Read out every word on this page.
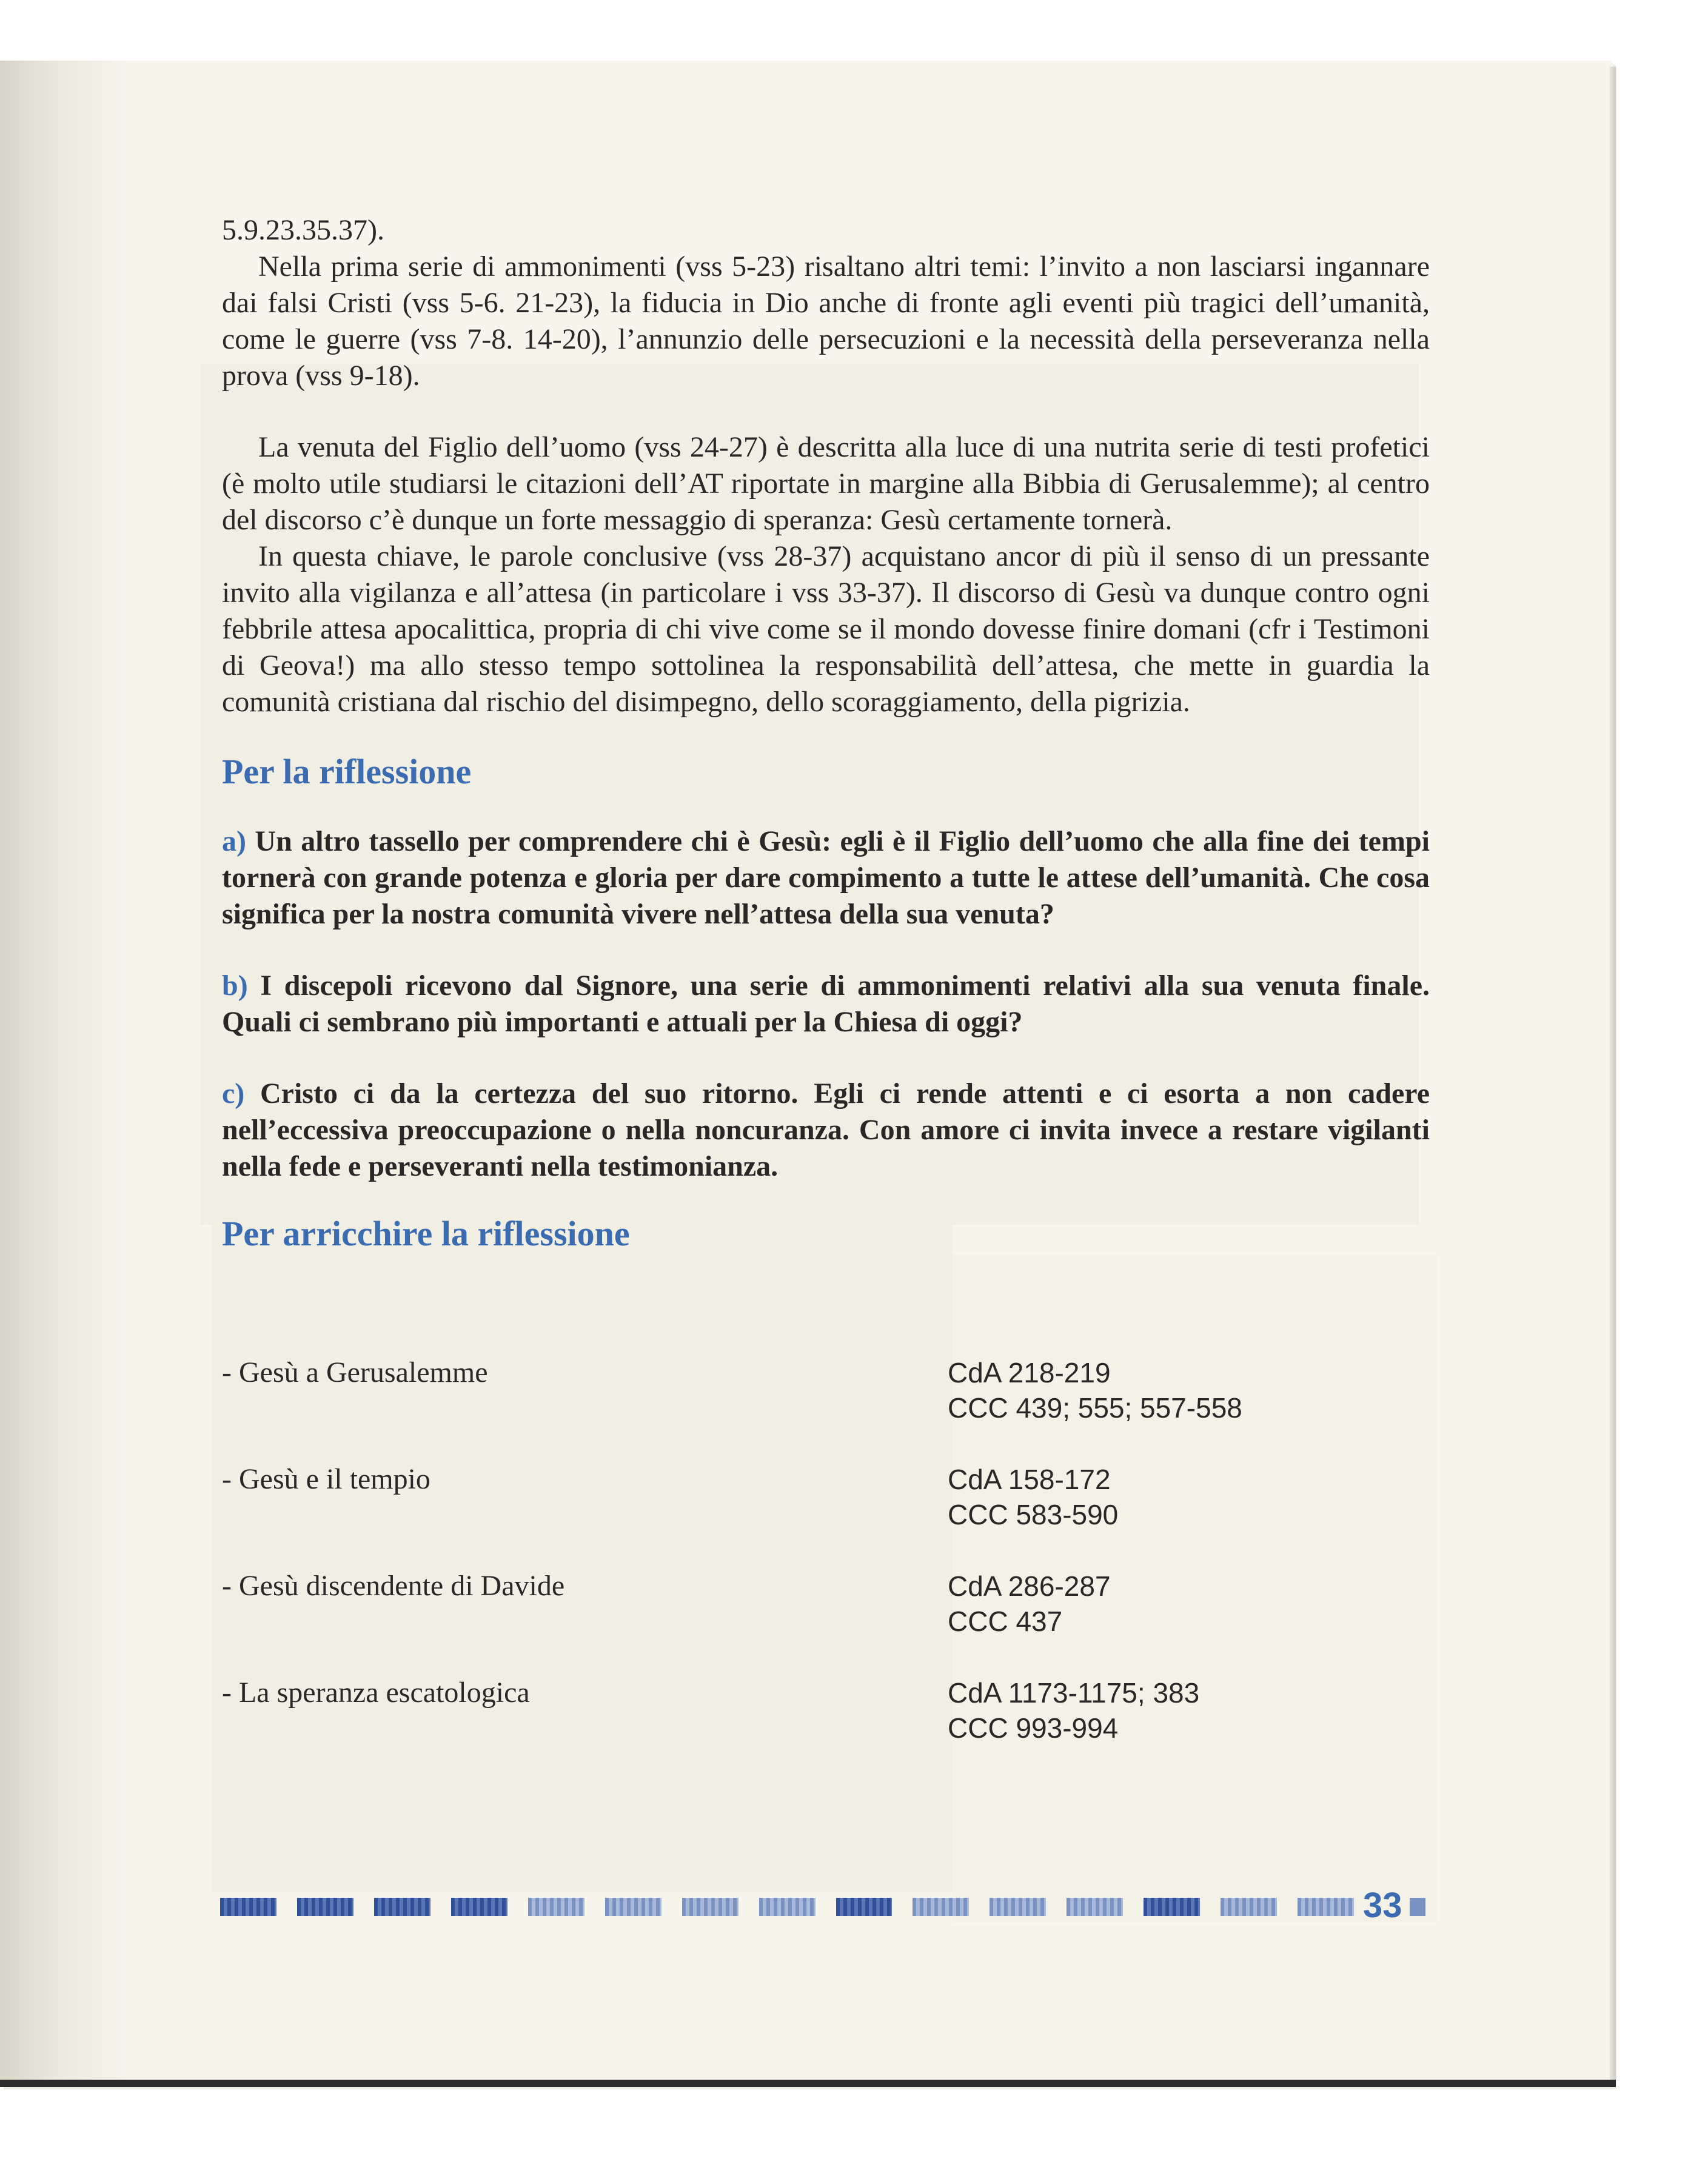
5.9.23.35.37).

Nella prima serie di ammonimenti (vss 5-23) risaltano altri temi: l’invito a non lasciarsi ingannare dai falsi Cristi (vss 5-6. 21-23), la fiducia in Dio anche di fronte agli eventi più tragici dell’umanità, come le guerre (vss 7-8. 14-20), l’annunzio delle persecuzioni e la necessità della perseveranza nella prova (vss 9-18).

La venuta del Figlio dell’uomo (vss 24-27) è descritta alla luce di una nutrita serie di testi profetici (è molto utile studiarsi le citazioni dell’AT riportate in margine alla Bibbia di Gerusalemme); al centro del discorso c’è dunque un forte messaggio di speranza: Gesù certamente tornerà.

In questa chiave, le parole conclusive (vss 28-37) acquistano ancor di più il senso di un pressante invito alla vigilanza e all’attesa (in particolare i vss 33-37). Il discorso di Gesù va dunque contro ogni febbrile attesa apocalittica, propria di chi vive come se il mondo dovesse finire domani (cfr i Testimoni di Geova!) ma allo stesso tempo sottolinea la responsabilità dell’attesa, che mette in guardia la comunità cristiana dal rischio del disimpegno, dello scoraggiamento, della pigrizia.

Per la riflessione

a) Un altro tassello per comprendere chi è Gesù: egli è il Figlio dell’uomo che alla fine dei tempi tornerà con grande potenza e gloria per dare compimento a tutte le attese dell’umanità. Che cosa significa per la nostra comunità vivere nell’attesa della sua venuta?

b) I discepoli ricevono dal Signore, una serie di ammonimenti relativi alla sua venuta finale. Quali ci sembrano più importanti e attuali per la Chiesa di oggi?

c) Cristo ci da la certezza del suo ritorno. Egli ci rende attenti e ci esorta a non cadere nell’eccessiva preoccupazione o nella noncuranza. Con amore ci invita invece a restare vigilanti nella fede e perseveranti nella testimonianza.

Per arricchire la riflessione
- Gesù a Gerusalemme	CdA 218-219
CCC 439; 555; 557-558
- Gesù e il tempio	CdA 158-172
CCC 583-590
- Gesù discendente di Davide	CdA 286-287
CCC 437
- La speranza escatologica	CdA 1173-1175; 383
CCC 993-994
33
